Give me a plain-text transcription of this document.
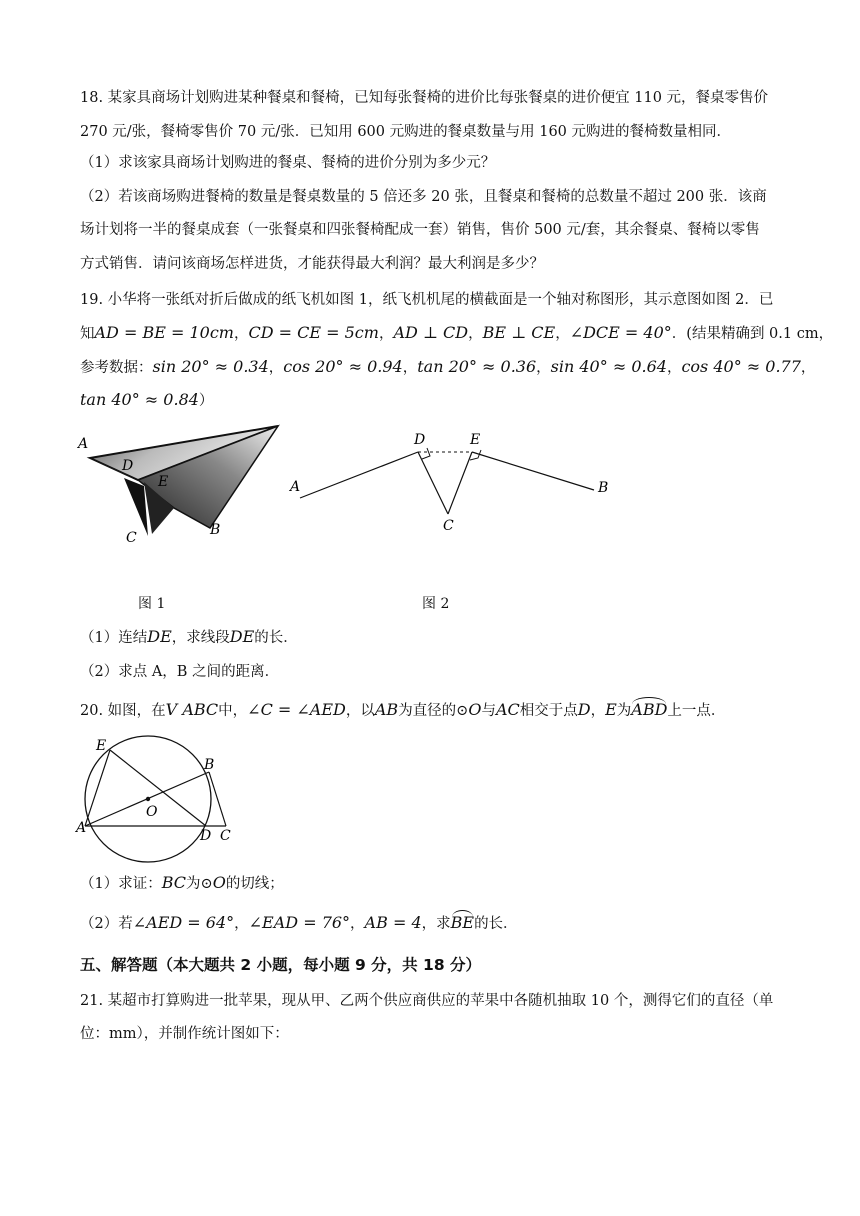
18. 某家具商场计划购进某种餐桌和餐椅，已知每张餐椅的进价比每张餐桌的进价便宜 110 元，餐桌零售价
270 元/张，餐椅零售价 70 元/张．已知用 600 元购进的餐桌数量与用 160 元购进的餐椅数量相同．
（1）求该家具商场计划购进的餐桌、餐椅的进价分别为多少元？
（2）若该商场购进餐椅的数量是餐桌数量的 5 倍还多 20 张，且餐桌和餐椅的总数量不超过 200 张．该商
场计划将一半的餐桌成套（一张餐桌和四张餐椅配成一套）销售，售价 500 元/套，其余餐桌、餐椅以零售
方式销售．请问该商场怎样进货，才能获得最大利润？最大利润是多少？
19. 小华将一张纸对折后做成的纸飞机如图 1，纸飞机机尾的横截面是一个轴对称图形，其示意图如图 2．已
知AD = BE = 10cm，CD = CE = 5cm，AD ⊥ CD，BE ⊥ CE，∠DCE = 40°．(结果精确到 0.1 cm，
参考数据：sin 20° ≈ 0.34，cos 20° ≈ 0.94，tan 20° ≈ 0.36，sin 40° ≈ 0.64，cos 40° ≈ 0.77，
tan 40° ≈ 0.84）
A
D
E
C	B
图 1
A
D	E
C
B
图 2
（1）连结DE，求线段DE的长．
（2）求点 A，B 之间的距离．
20. 如图，在V ABC中，∠C = ∠AED，以AB为直径的⊙O与AC相交于点D，E为ABD上一点．
E
B
O
A	D C
（1）求证：BC为⊙O的切线；
（2）若∠AED = 64°，∠EAD = 76°，AB = 4，求BE的长．
五、解答题（本大题共 2 小题，每小题 9 分，共 18 分）
21. 某超市打算购进一批苹果，现从甲、乙两个供应商供应的苹果中各随机抽取 10 个，测得它们的直径（单
位：mm），并制作统计图如下：
